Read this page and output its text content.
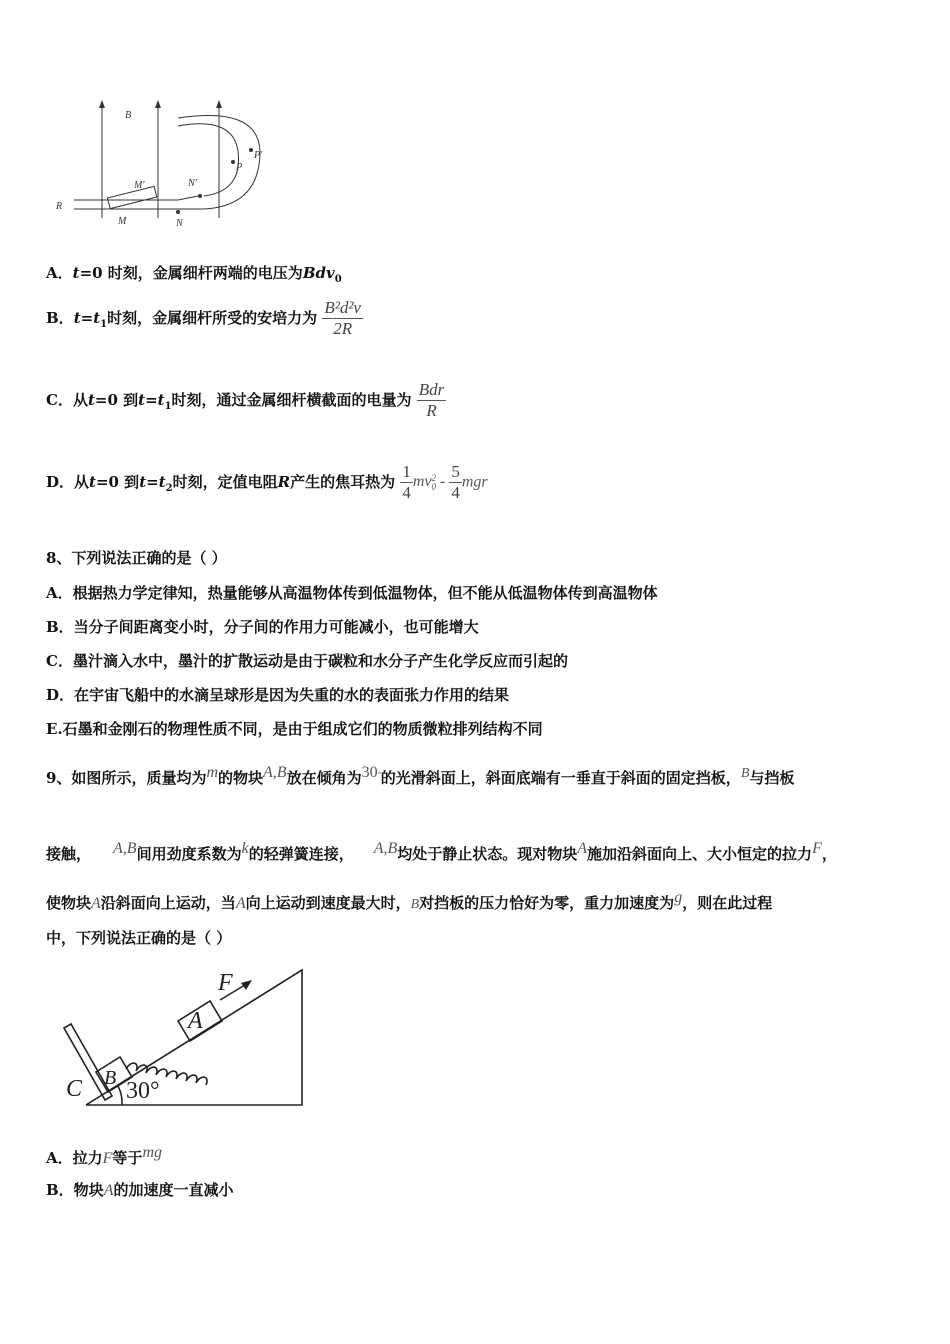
B
P′
P
M′	N′
R
M	N
A．t=0 时刻，金属细杆两端的电压为Bdv$_0$
B．$t=t_1$时刻，金属细杆所受的安培力为 $\frac{\text{B²d²v}}{2R}$
C．从t=0 到$t=t_1$时刻，通过金属细杆横截面的电量为 $\frac{\text{Bdr}}{R}$
D．从t=0 到$t=t_2$时刻，定值电阻R产生的焦耳热为 $\frac{1}{4}$ mv 2
$0 - \frac{5}{4}$ mgr
8、下列说法正确的是（ ）
A．根据热力学定律知，热量能够从高温物体传到低温物体，但不能从低温物体传到高温物体
B．当分子间距离变小时，分子间的作用力可能减小，也可能增大
C．墨汁滴入水中，墨汁的扩散运动是由于碳粒和水分子产生化学反应而引起的
D．在宇宙飞船中的水滴呈球形是因为失重的水的表面张力作用的结果
E.石墨和金刚石的物理性质不同，是由于组成它们的物质微粒排列结构不同
9、如图所示，质量均为m的物块A,B放在倾角为30°的光滑斜面上，斜面底端有一垂直于斜面的固定挡板，B与挡板
接触， A,B间用劲度系数为k的轻弹簧连接， A,B均处于静止状态。现对物块A施加沿斜面向上、大小恒定的拉力F，
使物块A沿斜面向上运动，当A向上运动到速度最大时，B对挡板的压力恰好为零，重力加速度为g，则在此过程
中，下列说法正确的是（ ）
F
A
B
C 30°
A．拉力F等于mg
B．物块A的加速度一直减小
